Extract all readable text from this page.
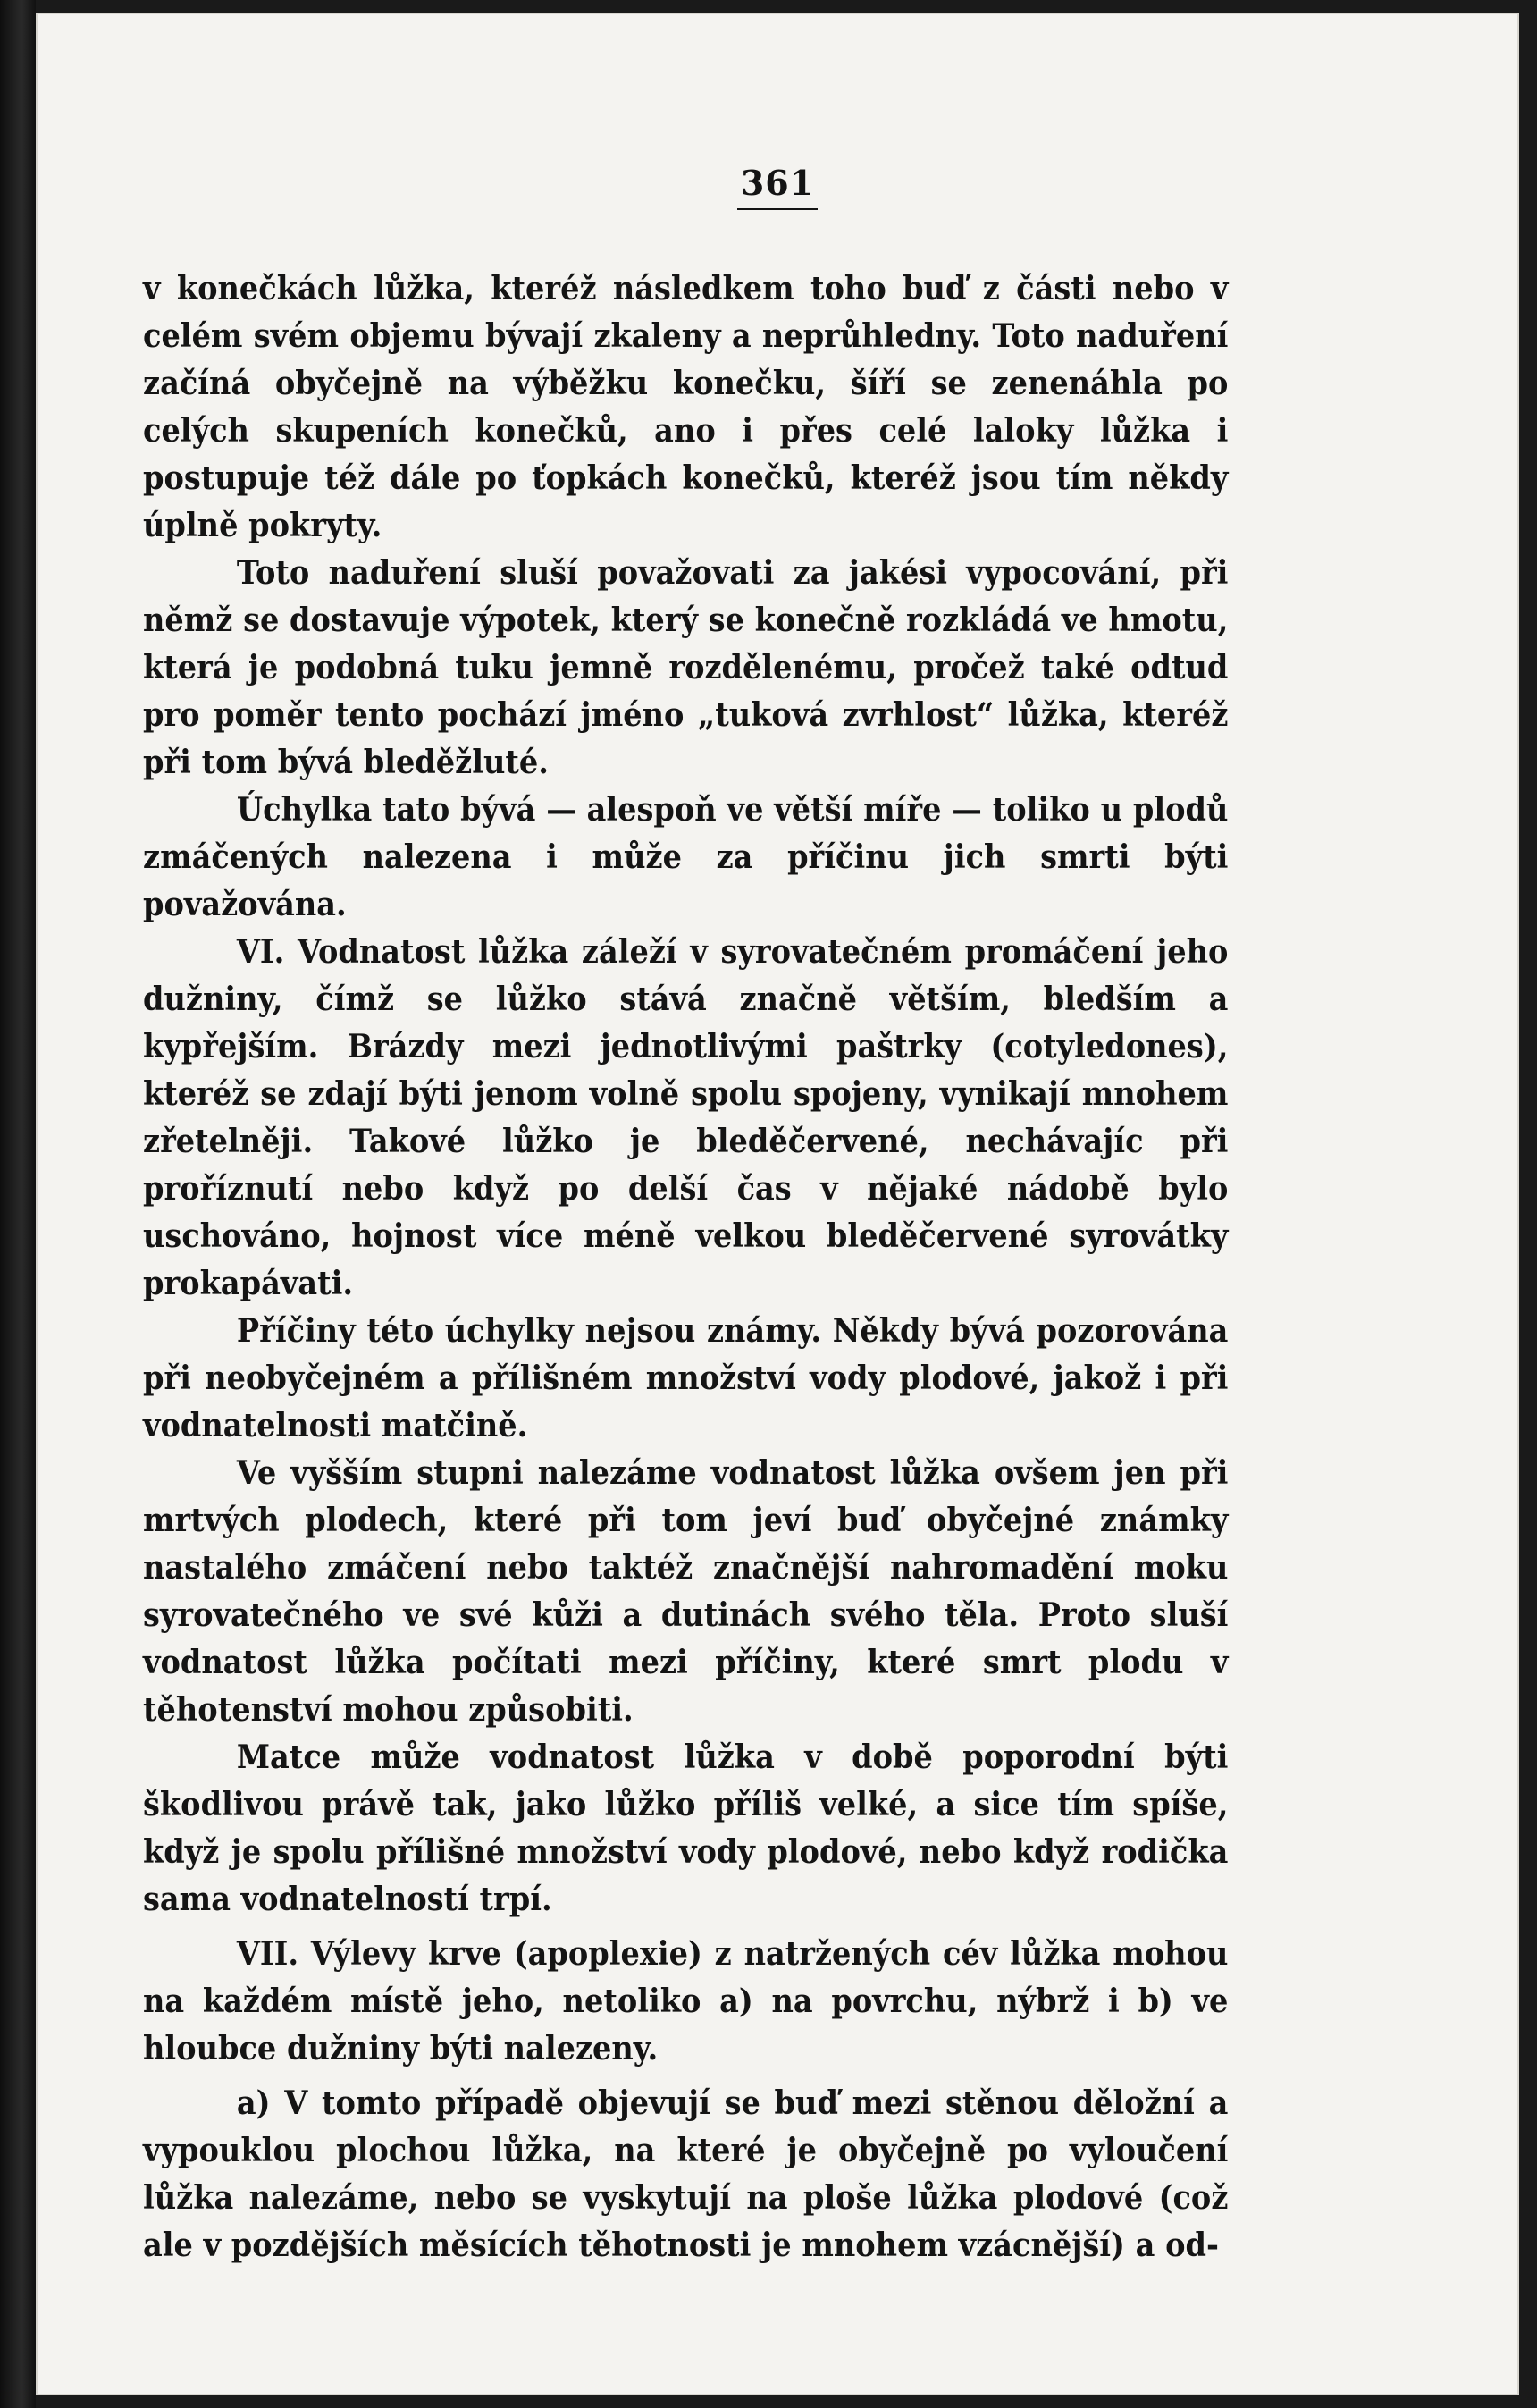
361

v konečkách lůžka, kteréž následkem toho buď z části nebo v celém svém objemu bývají zkaleny a neprůhledny. Toto naduření začíná obyčejně na výběžku konečku, šíří se zenenáhla po celých skupeních konečků, ano i přes celé laloky lůžka i postupuje též dále po ťopkách konečků, kteréž jsou tím někdy úplně pokryty.

Toto naduření sluší považovati za jakési vypocování, při němž se dostavuje výpotek, který se konečně rozkládá ve hmotu, která je podobná tuku jemně rozdělenému, pročež také odtud pro poměr tento pochází jméno „tuková zvrhlost“ lůžka, kteréž při tom bývá bleděžluté.

Úchylka tato bývá — alespoň ve větší míře — toliko u plodů zmáčených nalezena i může za příčinu jich smrti býti považována.

VI. Vodnatost lůžka záleží v syrovatečném promáčení jeho dužniny, čímž se lůžko stává značně větším, bledším a kypřejším. Brázdy mezi jednotlivými paštrky (cotyledones), kteréž se zdají býti jenom volně spolu spojeny, vynikají mnohem zřetelněji. Takové lůžko je bleděčervené, nechávajíc při proříznutí nebo když po delší čas v nějaké nádobě bylo uschováno, hojnost více méně velkou bleděčervené syrovátky prokapávati.

Příčiny této úchylky nejsou známy. Někdy bývá pozorována při neobyčejném a přílišném množství vody plodové, jakož i při vodnatelnosti matčině.

Ve vyšším stupni nalezáme vodnatost lůžka ovšem jen při mrtvých plodech, které při tom jeví buď obyčejné známky nastalého zmáčení nebo taktéž značnější nahromadění moku syrovatečného ve své kůži a dutinách svého těla. Proto sluší vodnatost lůžka počítati mezi příčiny, které smrt plodu v těhotenství mohou způsobiti.

Matce může vodnatost lůžka v době poporodní býti škodlivou právě tak, jako lůžko příliš velké, a sice tím spíše, když je spolu přílišné množství vody plodové, nebo když rodička sama vodnatelností trpí.

VII. Výlevy krve (apoplexie) z natržených cév lůžka mohou na každém místě jeho, netoliko a) na povrchu, nýbrž i b) ve hloubce dužniny býti nalezeny.

a) V tomto případě objevují se buď mezi stěnou děložní a vypouklou plochou lůžka, na které je obyčejně po vyloučení lůžka nalezáme, nebo se vyskytují na ploše lůžka plodové (což ale v pozdějších měsících těhotnosti je mnohem vzácnější) a od-
